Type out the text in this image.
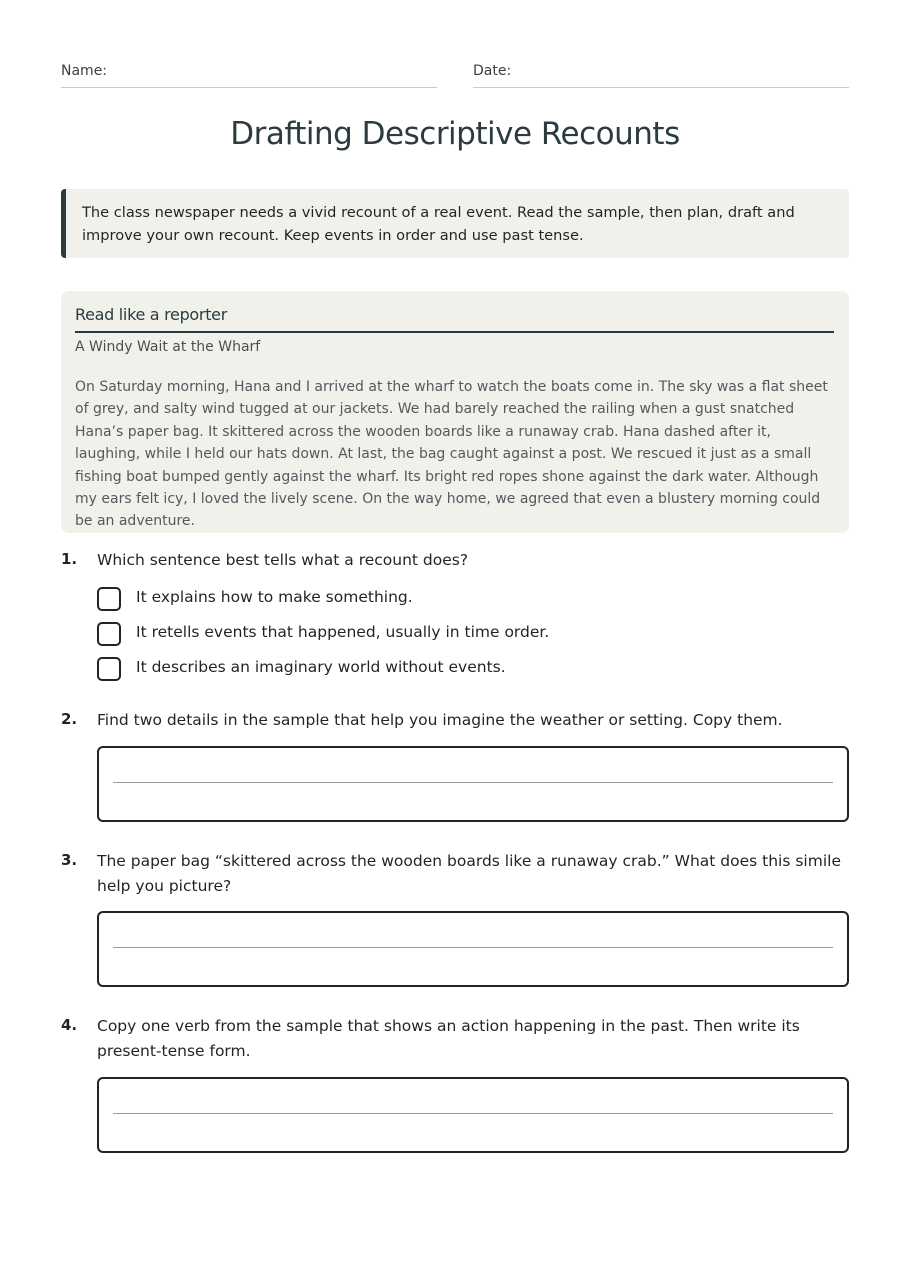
Name:	Date:
Drafting Descriptive Recounts
The class newspaper needs a vivid recount of a real event. Read the sample, then plan, draft and improve your own recount. Keep events in order and use past tense.
Read like a reporter
A Windy Wait at the Wharf
On Saturday morning, Hana and I arrived at the wharf to watch the boats come in. The sky was a flat sheet of grey, and salty wind tugged at our jackets. We had barely reached the railing when a gust snatched Hana’s paper bag. It skittered across the wooden boards like a runaway crab. Hana dashed after it, laughing, while I held our hats down. At last, the bag caught against a post. We rescued it just as a small fishing boat bumped gently against the wharf. Its bright red ropes shone against the dark water. Although my ears felt icy, I loved the lively scene. On the way home, we agreed that even a blustery morning could be an adventure.
1. Which sentence best tells what a recount does?
It explains how to make something.
It retells events that happened, usually in time order.
It describes an imaginary world without events.
2. Find two details in the sample that help you imagine the weather or setting. Copy them.
3. The paper bag “skittered across the wooden boards like a runaway crab.” What does this simile help you picture?
4. Copy one verb from the sample that shows an action happening in the past. Then write its present-tense form.
